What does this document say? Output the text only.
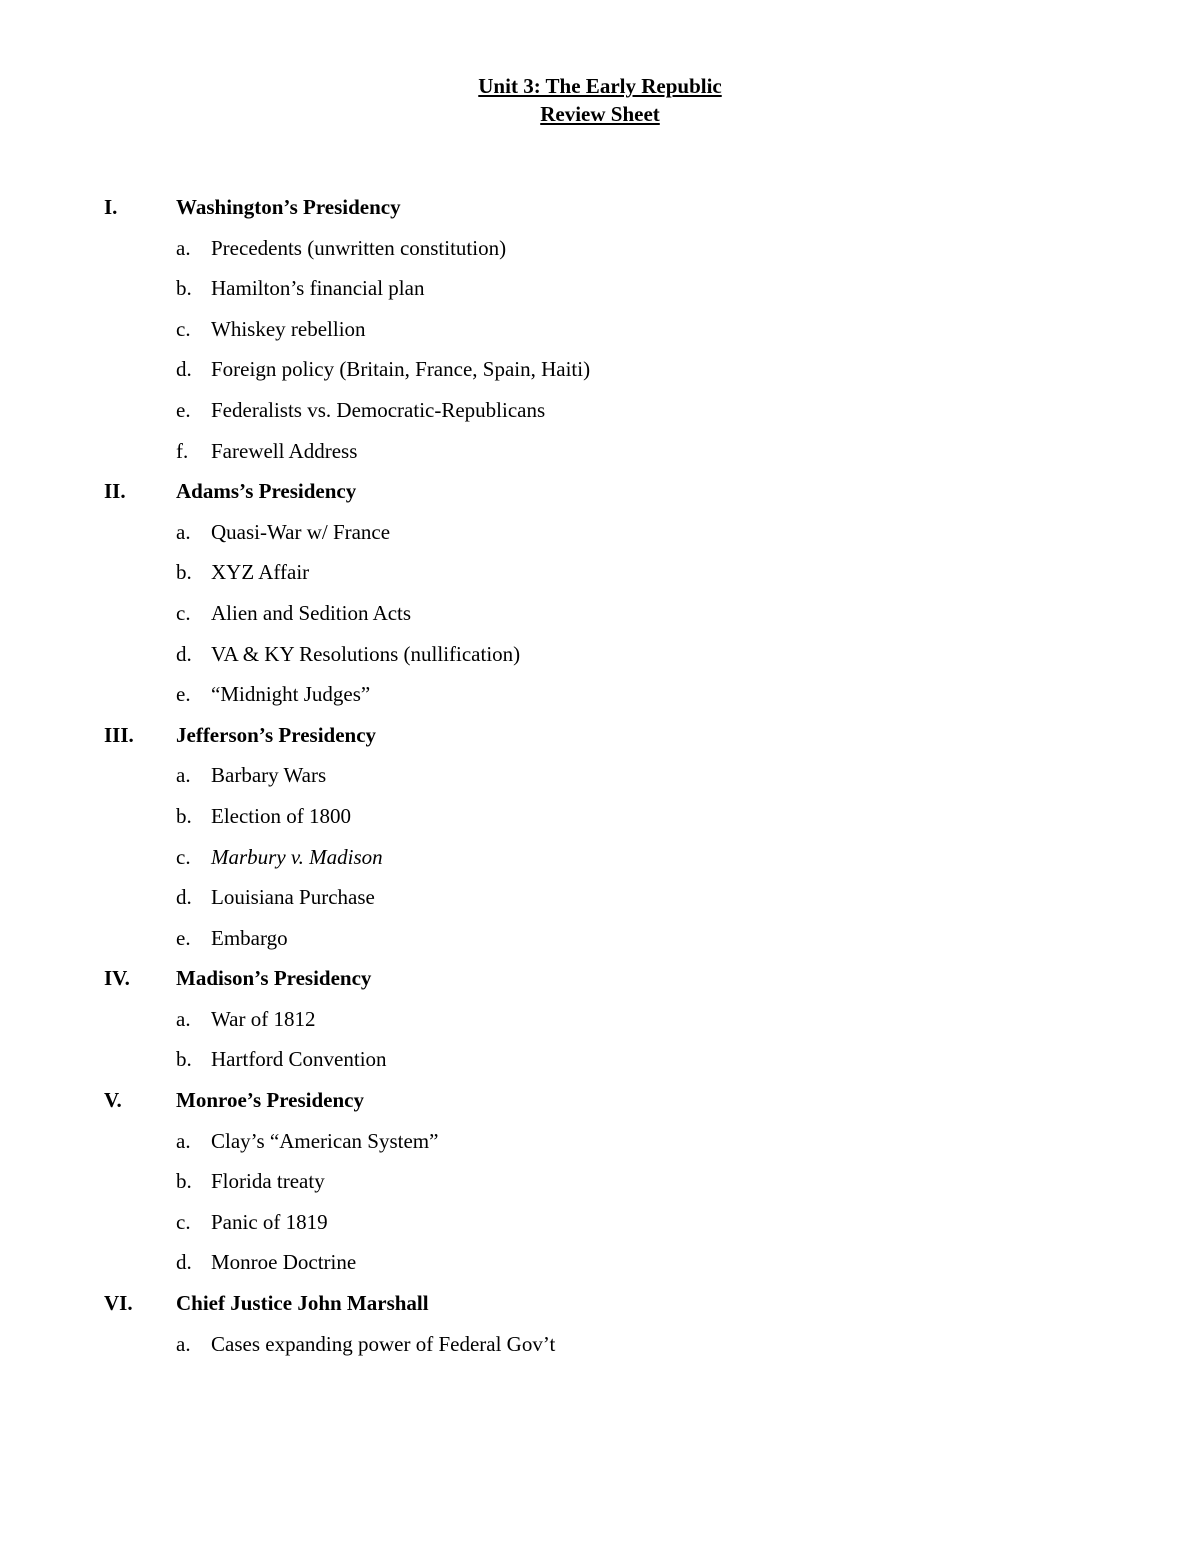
Unit 3: The Early Republic
Review Sheet
I.	Washington’s Presidency
a. Precedents (unwritten constitution)
b. Hamilton’s financial plan
c. Whiskey rebellion
d. Foreign policy (Britain, France, Spain, Haiti)
e. Federalists vs. Democratic-Republicans
f.	Farewell Address
II.	Adams’s Presidency
a. Quasi-War w/ France
b. XYZ Affair
c. Alien and Sedition Acts
d. VA & KY Resolutions (nullification)
e. “Midnight Judges”
III.	Jefferson’s Presidency
a. Barbary Wars
b. Election of 1800
c. Marbury v. Madison
d. Louisiana Purchase
e. Embargo
IV.	Madison’s Presidency
a. War of 1812
b. Hartford Convention
V.	Monroe’s Presidency
a. Clay’s “American System”
b. Florida treaty
c. Panic of 1819
d. Monroe Doctrine
VI.	Chief Justice John Marshall
a. Cases expanding power of Federal Gov’t
